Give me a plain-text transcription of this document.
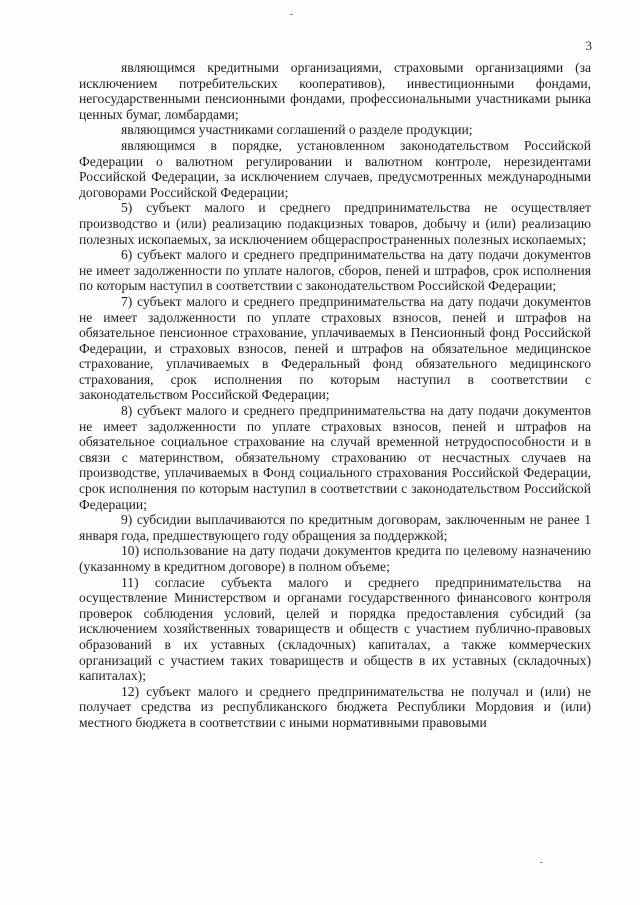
3

являющимся кредитными организациями, страховыми организациями (за исключением потребительских кооперативов), инвестиционными фондами, негосударственными пенсионными фондами, профессиональными участниками рынка ценных бумаг, ломбардами;

являющимся участниками соглашений о разделе продукции;

являющимся в порядке, установленном законодательством Российской Федерации о валютном регулировании и валютном контроле, нерезидентами Российской Федерации, за исключением случаев, предусмотренных международными договорами Российской Федерации;

5) субъект малого и среднего предпринимательства не осуществляет производство и (или) реализацию подакцизных товаров, добычу и (или) реализацию полезных ископаемых, за исключением общераспространенных полезных ископаемых;

6) субъект малого и среднего предпринимательства на дату подачи документов не имеет задолженности по уплате налогов, сборов, пеней и штрафов, срок исполнения по которым наступил в соответствии с законодательством Российской Федерации;

7) субъект малого и среднего предпринимательства на дату подачи документов не имеет задолженности по уплате страховых взносов, пеней и штрафов на обязательное пенсионное страхование, уплачиваемых в Пенсионный фонд Российской Федерации, и страховых взносов, пеней и штрафов на обязательное медицинское страхование, уплачиваемых в Федеральный фонд обязательного медицинского страхования, срок исполнения по которым наступил в соответствии с законодательством Российской Федерации;

8) субъект малого и среднего предпринимательства на дату подачи документов не имеет задолженности по уплате страховых взносов, пеней и штрафов на обязательное социальное страхование на случай временной нетрудоспособности и в связи с материнством, обязательному страхованию от несчастных случаев на производстве, уплачиваемых в Фонд социального страхования Российской Федерации, срок исполнения по которым наступил в соответствии с законодательством Российской Федерации;

9) субсидии выплачиваются по кредитным договорам, заключенным не ранее 1 января года, предшествующего году обращения за поддержкой;

10) использование на дату подачи документов кредита по целевому назначению (указанному в кредитном договоре) в полном объеме;

11) согласие субъекта малого и среднего предпринимательства на осуществление Министерством и органами государственного финансового контроля проверок соблюдения условий, целей и порядка предоставления субсидий (за исключением хозяйственных товариществ и обществ с участием публично-правовых образований в их уставных (складочных) капиталах, а также коммерческих организаций с участием таких товариществ и обществ в их уставных (складочных) капиталах);

12) субъект малого и среднего предпринимательства не получал и (или) не получает средства из республиканского бюджета Республики Мордовия и (или) местного бюджета в соответствии с иными нормативными правовыми
